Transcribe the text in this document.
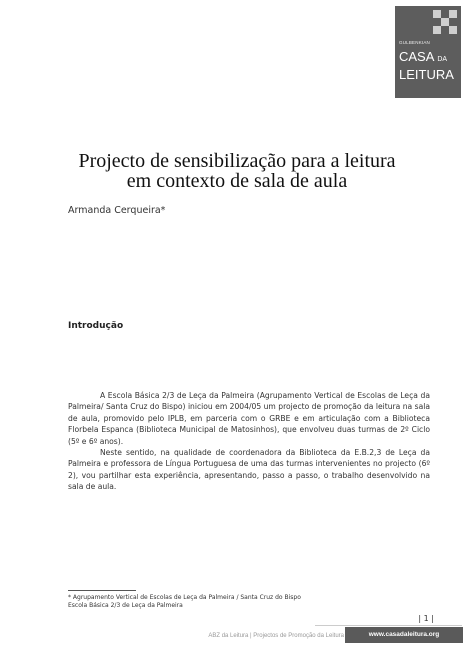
GULBENKIAN
CASA DA
LEITURA
Projecto de sensibilização para a leitura
em contexto de sala de aula
Armanda Cerqueira*
Introdução

A Escola Básica 2/3 de Leça da Palmeira (Agrupamento Vertical de Escolas de Leça da Palmeira/ Santa Cruz do Bispo) iniciou em 2004/05 um projecto de promoção da leitura na sala de aula, promovido pelo IPLB, em parceria com o GRBE e em articulação com a Biblioteca Florbela Espanca (Biblioteca Municipal de Matosinhos), que envolveu duas turmas de 2º Ciclo (5º e 6º anos).

Neste sentido, na qualidade de coordenadora da Biblioteca da E.B.2,3 de Leça da Palmeira e professora de Língua Portuguesa de uma das turmas intervenientes no projecto (6º 2), vou partilhar esta experiência, apresentando, passo a passo, o trabalho desenvolvido na sala de aula.

* Agrupamento Vertical de Escolas de Leça da Palmeira / Santa Cruz do Bispo
Escola Básica 2/3 de Leça da Palmeira
| 1 |
ABZ da Leitura | Projectos de Promoção da Leitura	www.casadaleitura.org
